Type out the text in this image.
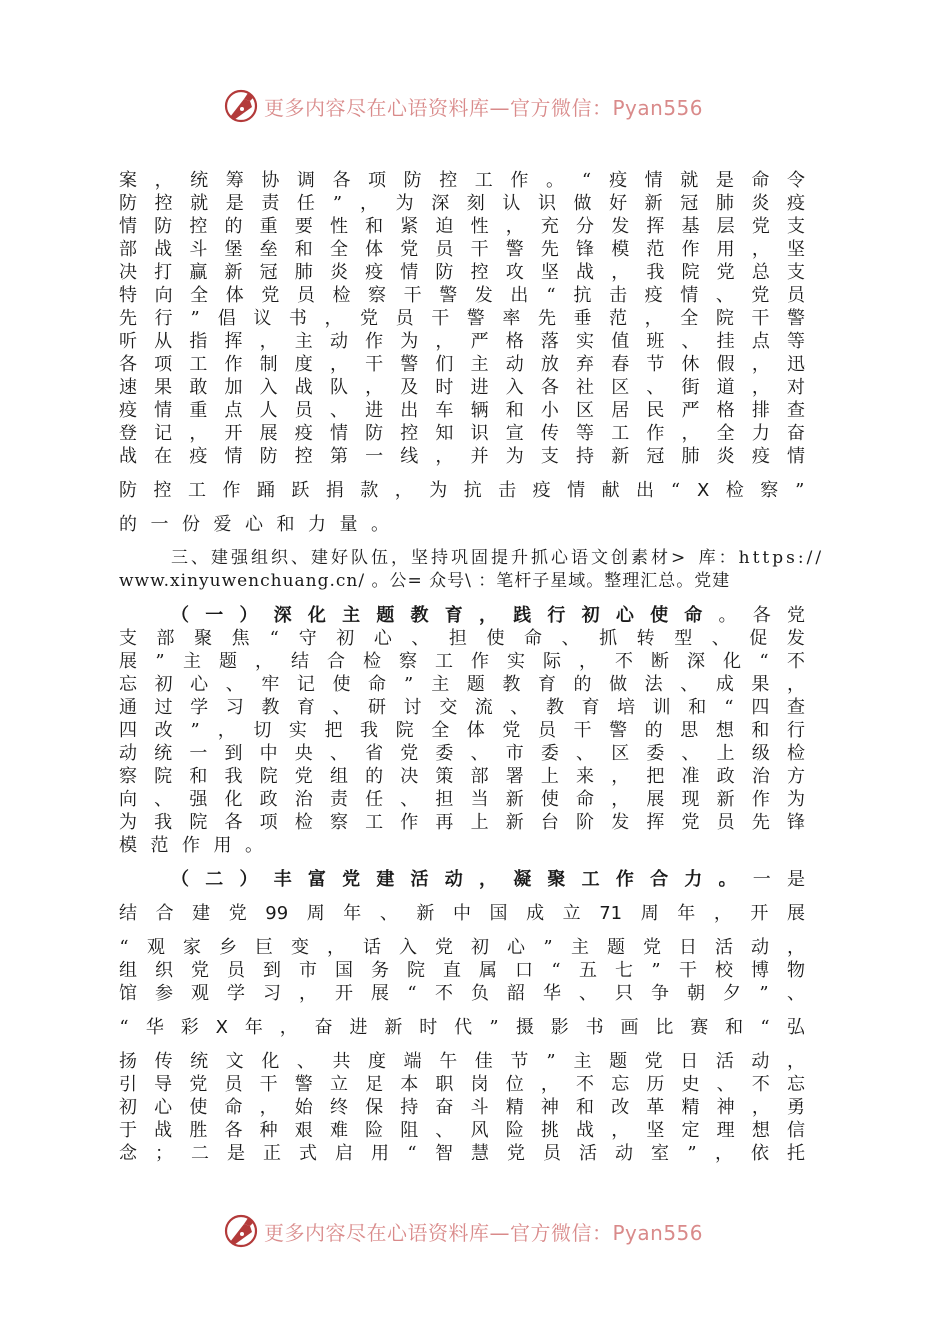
更多内容尽在心语资料库—官方微信：Pyan556
案 ， 统 筹 协 调 各 项 防 控 工 作 。 “ 疫 情 就 是 命 令
防 控 就 是 责 任 ” ， 为 深 刻 认 识 做 好 新 冠 肺 炎 疫
情 防 控 的 重 要 性 和 紧 迫 性 ， 充 分 发 挥 基 层 党 支
部 战 斗 堡 垒 和 全 体 党 员 干 警 先 锋 模 范 作 用 ， 坚
决 打 赢 新 冠 肺 炎 疫 情 防 控 攻 坚 战 ， 我 院 党 总 支
特 向 全 体 党 员 检 察 干 警 发 出 “ 抗 击 疫 情 、 党 员
先 行 ” 倡 议 书 ， 党 员 干 警 率 先 垂 范 ， 全 院 干 警
听 从 指 挥 ， 主 动 作 为 ， 严 格 落 实 值 班 、 挂 点 等
各 项 工 作 制 度 ， 干 警 们 主 动 放 弃 春 节 休 假 ， 迅
速 果 敢 加 入 战 队 ， 及 时 进 入 各 社 区 、 街 道 ， 对
疫 情 重 点 人 员 、 进 出 车 辆 和 小 区 居 民 严 格 排 查
登 记 ， 开 展 疫 情 防 控 知 识 宣 传 等 工 作 ， 全 力 奋
战 在 疫 情 防 控 第 一 线 ， 并 为 支 持 新 冠 肺 炎 疫 情
防 控 工 作 踊 跃 捐 款 ， 为 抗 击 疫 情 献 出 “ X 检 察 ”
的 一 份 爱 心 和 力 量 。
三、建强组织、建好队伍，坚持巩固提升抓心语文创素材> 库：https://
www.xinyuwenchuang.cn/ 。公= 众号\ ：笔杆子星域。整理汇总。党建
（ 一 ） 深 化 主 题 教 育 ， 践 行 初 心 使 命 。 各 党
支 部 聚 焦 “ 守 初 心 、 担 使 命 、 抓 转 型 、 促 发
展 ” 主 题 ， 结 合 检 察 工 作 实 际 ， 不 断 深 化 “ 不
忘 初 心 、 牢 记 使 命 ” 主 题 教 育 的 做 法 、 成 果 ，
通 过 学 习 教 育 、 研 讨 交 流 、 教 育 培 训 和 “ 四 查
四 改 ” ， 切 实 把 我 院 全 体 党 员 干 警 的 思 想 和 行
动 统 一 到 中 央 、 省 党 委 、 市 委 、 区 委 、 上 级 检
察 院 和 我 院 党 组 的 决 策 部 署 上 来 ， 把 准 政 治 方
向 、 强 化 政 治 责 任 、 担 当 新 使 命 ， 展 现 新 作 为
为 我 院 各 项 检 察 工 作 再 上 新 台 阶 发 挥 党 员 先 锋
模 范 作 用 。
（ 二 ） 丰 富 党 建 活 动 ， 凝 聚 工 作 合 力 。 一 是
结 合 建 党 99 周 年 、 新 中 国 成 立 71 周 年 ， 开 展
“ 观 家 乡 巨 变 ， 话 入 党 初 心 ” 主 题 党 日 活 动 ，
组 织 党 员 到 市 国 务 院 直 属 口 “ 五 七 ” 干 校 博 物
馆 参 观 学 习 ， 开 展 “ 不 负 韶 华 、 只 争 朝 夕 ” 、
“ 华 彩 X 年 ， 奋 进 新 时 代 ” 摄 影 书 画 比 赛 和 “ 弘
扬 传 统 文 化 、 共 度 端 午 佳 节 ” 主 题 党 日 活 动 ，
引 导 党 员 干 警 立 足 本 职 岗 位 ， 不 忘 历 史 、 不 忘
初 心 使 命 ， 始 终 保 持 奋 斗 精 神 和 改 革 精 神 ， 勇
于 战 胜 各 种 艰 难 险 阻 、 风 险 挑 战 ， 坚 定 理 想 信
念 ； 二 是 正 式 启 用 “ 智 慧 党 员 活 动 室 ” ， 依 托
更多内容尽在心语资料库—官方微信：Pyan556
